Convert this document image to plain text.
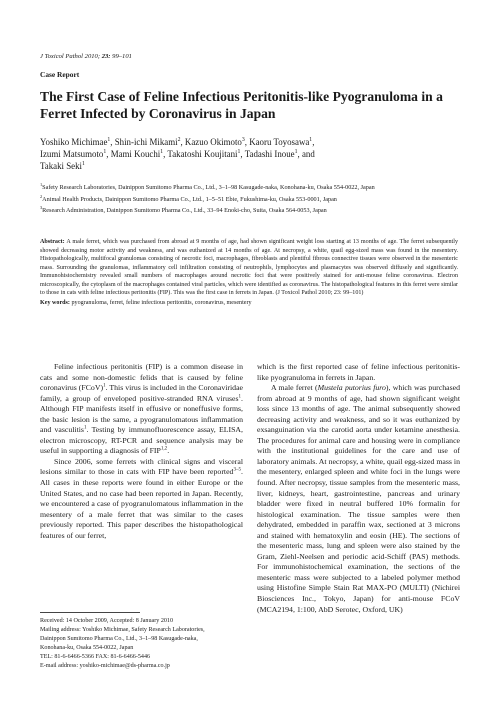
J Toxicol Pathol 2010; 23: 99–101
Case Report
The First Case of Feline Infectious Peritonitis-like Pyogranuloma in a Ferret Infected by Coronavirus in Japan
Yoshiko Michimae$^1$, Shin-ichi Mikami$^2$, Kazuo Okimoto$^3$, Kaoru Toyosawa$^1$,
Izumi Matsumoto$^1$, Mami Kouchi$^1$, Takatoshi Koujitani$^1$, Tadashi Inoue$^1$, and
Takaki Seki$^1$
$^1$Safety Research Laboratories, Dainippon Sumitomo Pharma Co., Ltd., 3–1–98 Kasugade-naka, Konohana-ku, Osaka 554-0022, Japan
$^2$Animal Health Products, Dainippon Sumitomo Pharma Co., Ltd., 1–5–51 Ebie, Fukushima-ku, Osaka 553-0001, Japan
$^3$Research Administration, Dainippon Sumitomo Pharma Co., Ltd., 33–94 Enoki-cho, Suita, Osaka 564-0053, Japan
Abstract: A male ferret, which was purchased from abroad at 9 months of age, had shown significant weight loss starting at 13 months of age. The ferret subsequently showed decreasing motor activity and weakness, and was euthanized at 14 months of age. At necropsy, a white, quail egg-sized mass was found in the mesentery. Histopathologically, multifocal granulomas consisting of necrotic foci, macrophages, fibroblasts and plentiful fibrous connective tissues were observed in the mesenteric mass. Surrounding the granulomas, inflammatory cell infiltration consisting of neutrophils, lymphocytes and plasmacytes was observed diffusely and significantly. Immunohistochemistry revealed small numbers of macrophages around necrotic foci that were positively stained for anti-mouse feline coronavirus. Electron microscopically, the cytoplasm of the macrophages contained viral particles, which were identified as coronavirus. The histopathological features in this ferret were similar to those in cats with feline infectious peritonitis (FIP). This was the first case in ferrets in Japan. (J Toxicol Pathol 2010; 23: 99–101)
Key words: pyogranuloma, ferret, feline infectious peritonitis, coronavirus, mesentery

Feline infectious peritonitis (FIP) is a common disease in cats and some non-domestic felids that is caused by feline coronavirus (FCoV)$^1$. This virus is included in the Coronaviridae family, a group of enveloped positive-stranded RNA viruses$^1$. Although FIP manifests itself in effusive or noneffusive forms, the basic lesion is the same, a pyogranulomatous inflammation and vasculitis$^1$. Testing by immunofluorescence assay, ELISA, electron microscopy, RT-PCR and sequence analysis may be useful in supporting a diagnosis of FIP$^{1,2}$.

Since 2006, some ferrets with clinical signs and visceral lesions similar to those in cats with FIP have been reported$^{3-5}$. All cases in these reports were found in either Europe or the United States, and no case had been reported in Japan. Recently, we encountered a case of pyogranulomatous inflammation in the mesentery of a male ferret that was similar to the cases previously reported. This paper describes the histopathological features of our ferret,

which is the first reported case of feline infectious peritonitis-like pyogranuloma in ferrets in Japan.

A male ferret (Mustela putorius furo), which was purchased from abroad at 9 months of age, had shown significant weight loss since 13 months of age. The animal subsequently showed decreasing activity and weakness, and so it was euthanized by exsanguination via the carotid aorta under ketamine anesthesia. The procedures for animal care and housing were in compliance with the institutional guidelines for the care and use of laboratory animals. At necropsy, a white, quail egg-sized mass in the mesentery, enlarged spleen and white foci in the lungs were found. After necropsy, tissue samples from the mesenteric mass, liver, kidneys, heart, gastrointestine, pancreas and urinary bladder were fixed in neutral buffered 10% formalin for histological examination. The tissue samples were then dehydrated, embedded in paraffin wax, sectioned at 3 microns and stained with hematoxylin and eosin (HE). The sections of the mesenteric mass, lung and spleen were also stained by the Gram, Ziehl-Neelsen and periodic acid-Schiff (PAS) methods. For immunohistochemical examination, the sections of the mesenteric mass were subjected to a labeled polymer method using Histofine Simple Stain Rat MAX-PO (MULTI) (Nichirei Biosciences Inc., Tokyo, Japan) for anti-mouse FCoV (MCA2194, 1:100, AbD Serotec, Oxford, UK)

Received: 14 October 2009, Accepted: 8 January 2010
Mailing address: Yoshiko Michimae, Safety Research Laboratories,
Dainippon Sumitomo Pharma Co., Ltd., 3–1–98 Kasugade-naka,
Konohana-ku, Osaka 554-0022, Japan
TEL: 81-6-6466-5366 FAX: 81-6-6466-5446
E-mail address: yoshiko-michimae@ds-pharma.co.jp
